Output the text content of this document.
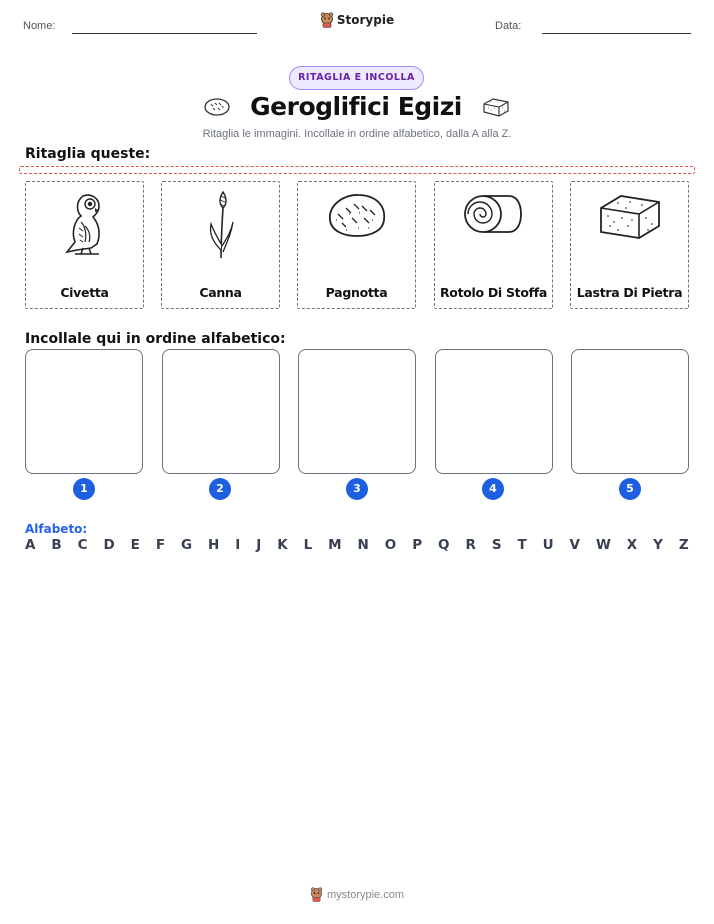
Nome:	Data:
Storypie
RITAGLIA E INCOLLA
Geroglifici Egizi
Ritaglia le immagini. Incollale in ordine alfabetico, dalla A alla Z.
Ritaglia queste:
Civetta	Canna	Pagnotta	Rotolo Di Stoffa	Lastra Di Pietra
Incollale qui in ordine alfabetico:
1	2	3	4	5
Alfabeto:
A B C D E F G H I J K L M N O P Q R S T U V W X Y Z
mystorypie.com
